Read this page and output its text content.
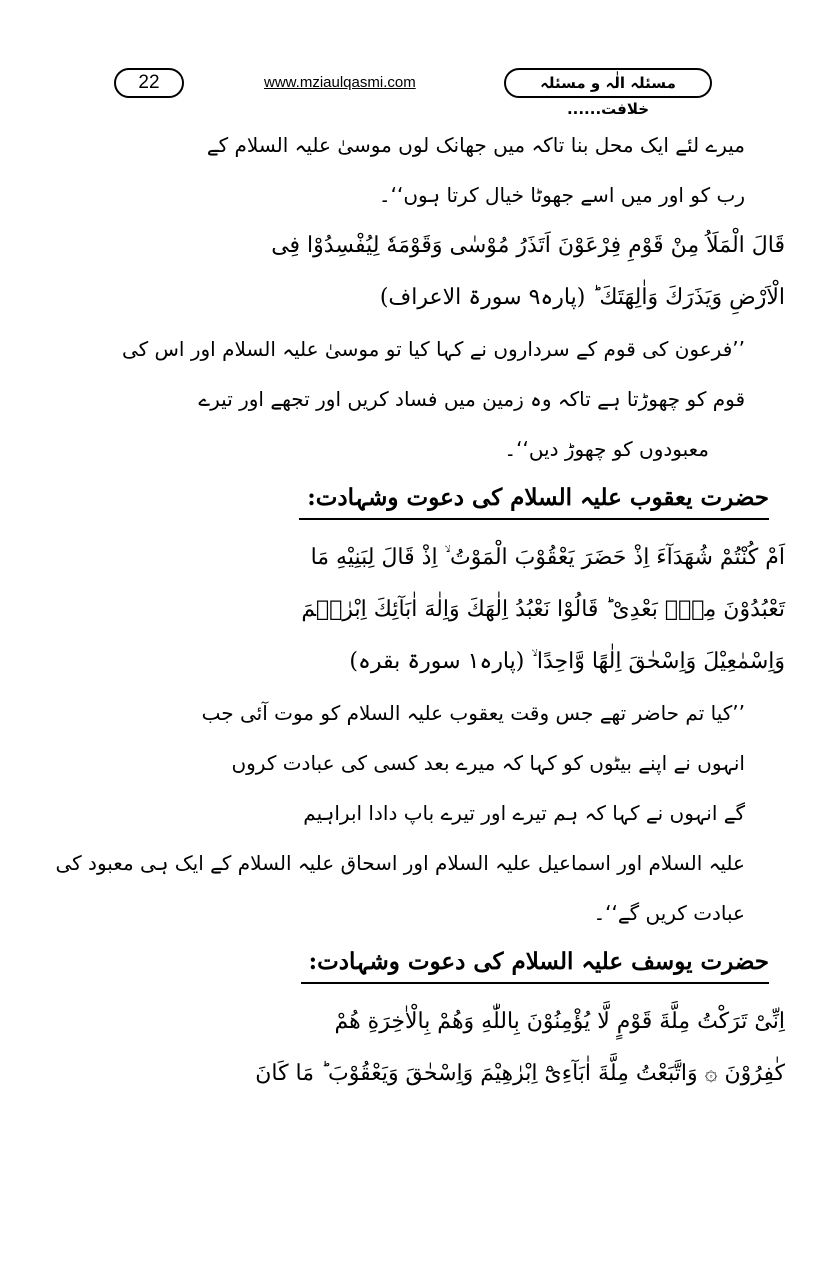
22	www.mziaulqasmi.com	مسئلہ الٰہ و مسئلہ خلافت......
میرے لئے ایک محل بنا تاکہ میں جھانک لوں موسیٰ علیہ السلام کے
رب کو اور میں اسے جھوٹا خیال کرتا ہوں‘‘۔
قَالَ الْمَلَاُ مِنْ قَوْمِ فِرْعَوْنَ اَتَذَرُ مُوْسٰى وَقَوْمَهٗ لِيُفْسِدُوْا فِى
الْاَرْضِ وَيَذَرَكَ وَاٰلِهَتَكَ ؕ (پارہ۹ سورۃ الاعراف)
’’فرعون کی قوم کے سرداروں نے کہا کیا تو موسیٰ علیہ السلام اور اس کی
قوم کو چھوڑتا ہے تاکہ وہ زمین میں فساد کریں اور تجھے اور تیرے
معبودوں کو چھوڑ دیں‘‘۔
حضرت یعقوب علیہ السلام کی دعوت وشہادت:
اَمْ كُنْتُمْ شُهَدَآءَ اِذْ حَضَرَ يَعْقُوْبَ الْمَوْتُ ۙ اِذْ قَالَ لِبَنِيْهِ مَا
تَعْبُدُوْنَ مِنْۢ بَعْدِىْ ؕ قَالُوْا نَعْبُدُ اِلٰهَكَ وَاِلٰهَ اٰبَآئِكَ اِبْرٰهٖمَ
وَاِسْمٰعِيْلَ وَاِسْحٰقَ اِلٰهًا وَّاحِدًا ۙ (پارہ۱ سورۃ بقرہ)
’’کیا تم حاضر تھے جس وقت یعقوب علیہ السلام کو موت آئی جب
انہوں نے اپنے بیٹوں کو کہا کہ میرے بعد کسی کی عبادت کروں
گے انہوں نے کہا کہ ہم تیرے اور تیرے باپ دادا ابراہیم
علیہ السلام اور اسماعیل علیہ السلام اور اسحاق علیہ السلام کے ایک ہی معبود کی
عبادت کریں گے‘‘۔
حضرت یوسف علیہ السلام کی دعوت وشہادت:
اِنِّىْ تَرَكْتُ مِلَّةَ قَوْمٍ لَّا يُؤْمِنُوْنَ بِاللّٰهِ وَهُمْ بِالْاٰخِرَةِ هُمْ
كٰفِرُوْنَ ۞ وَاتَّبَعْتُ مِلَّةَ اٰبَآءِىْٓ اِبْرٰهِيْمَ وَاِسْحٰقَ وَيَعْقُوْبَ ؕ مَا كَانَ
